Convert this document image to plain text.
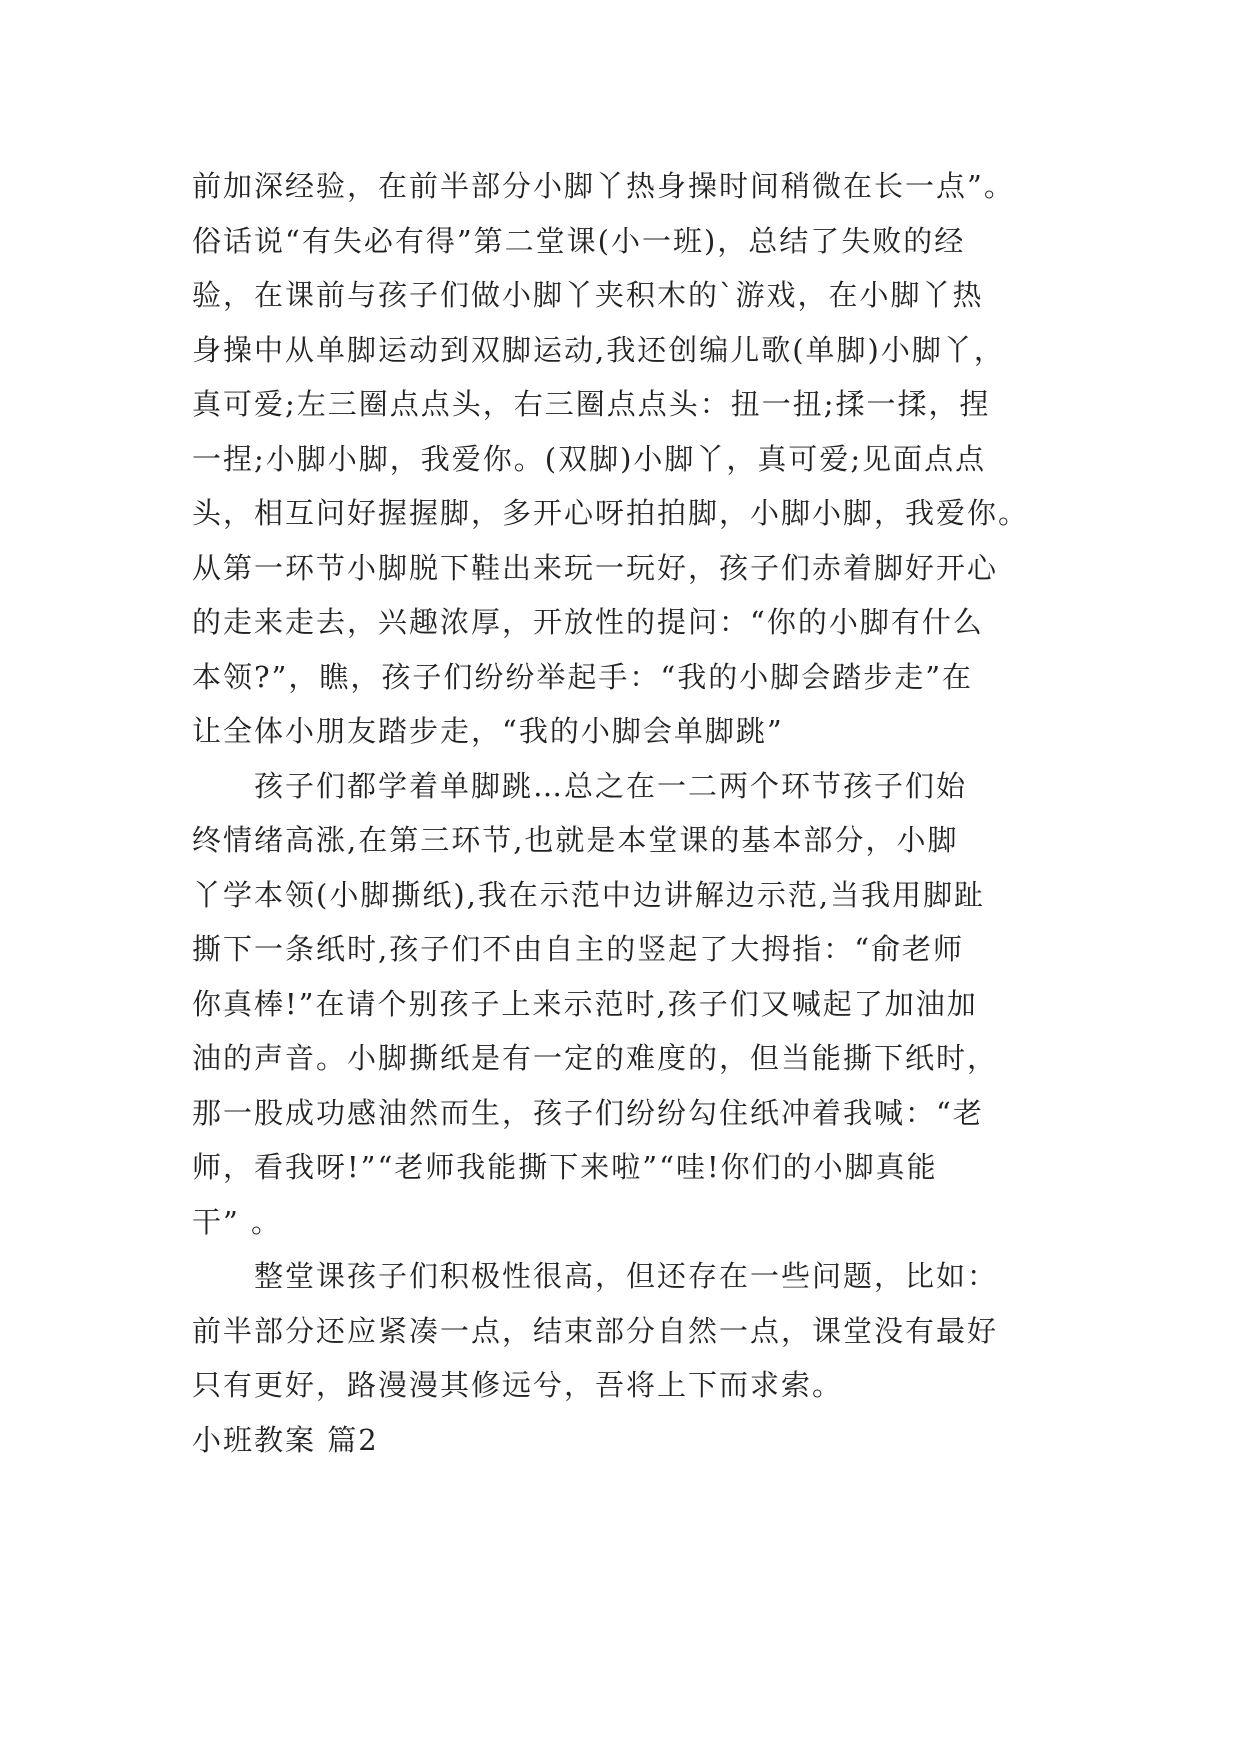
前加深经验，在前半部分小脚丫热身操时间稍微在长一点”。
俗话说“有失必有得”第二堂课(小一班)，总结了失败的经
验，在课前与孩子们做小脚丫夹积木的`游戏，在小脚丫热
身操中从单脚运动到双脚运动,我还创编儿歌(单脚)小脚丫，
真可爱;左三圈点点头，右三圈点点头：扭一扭;揉一揉，捏
一捏;小脚小脚，我爱你。(双脚)小脚丫，真可爱;见面点点
头，相互问好握握脚，多开心呀拍拍脚，小脚小脚，我爱你。
从第一环节小脚脱下鞋出来玩一玩好，孩子们赤着脚好开心
的走来走去，兴趣浓厚，开放性的提问：“你的小脚有什么
本领?”，瞧，孩子们纷纷举起手：“我的小脚会踏步走”在
让全体小朋友踏步走，“我的小脚会单脚跳”
孩子们都学着单脚跳…总之在一二两个环节孩子们始
终情绪高涨,在第三环节,也就是本堂课的基本部分，小脚
丫学本领(小脚撕纸),我在示范中边讲解边示范,当我用脚趾
撕下一条纸时,孩子们不由自主的竖起了大拇指：“俞老师
你真棒!”在请个别孩子上来示范时,孩子们又喊起了加油加
油的声音。小脚撕纸是有一定的难度的，但当能撕下纸时，
那一股成功感油然而生，孩子们纷纷勾住纸冲着我喊：“老
师，看我呀!”“老师我能撕下来啦”“哇!你们的小脚真能
干” 。
整堂课孩子们积极性很高，但还存在一些问题，比如：
前半部分还应紧凑一点，结束部分自然一点，课堂没有最好
只有更好，路漫漫其修远兮，吾将上下而求索。
小班教案 篇2
